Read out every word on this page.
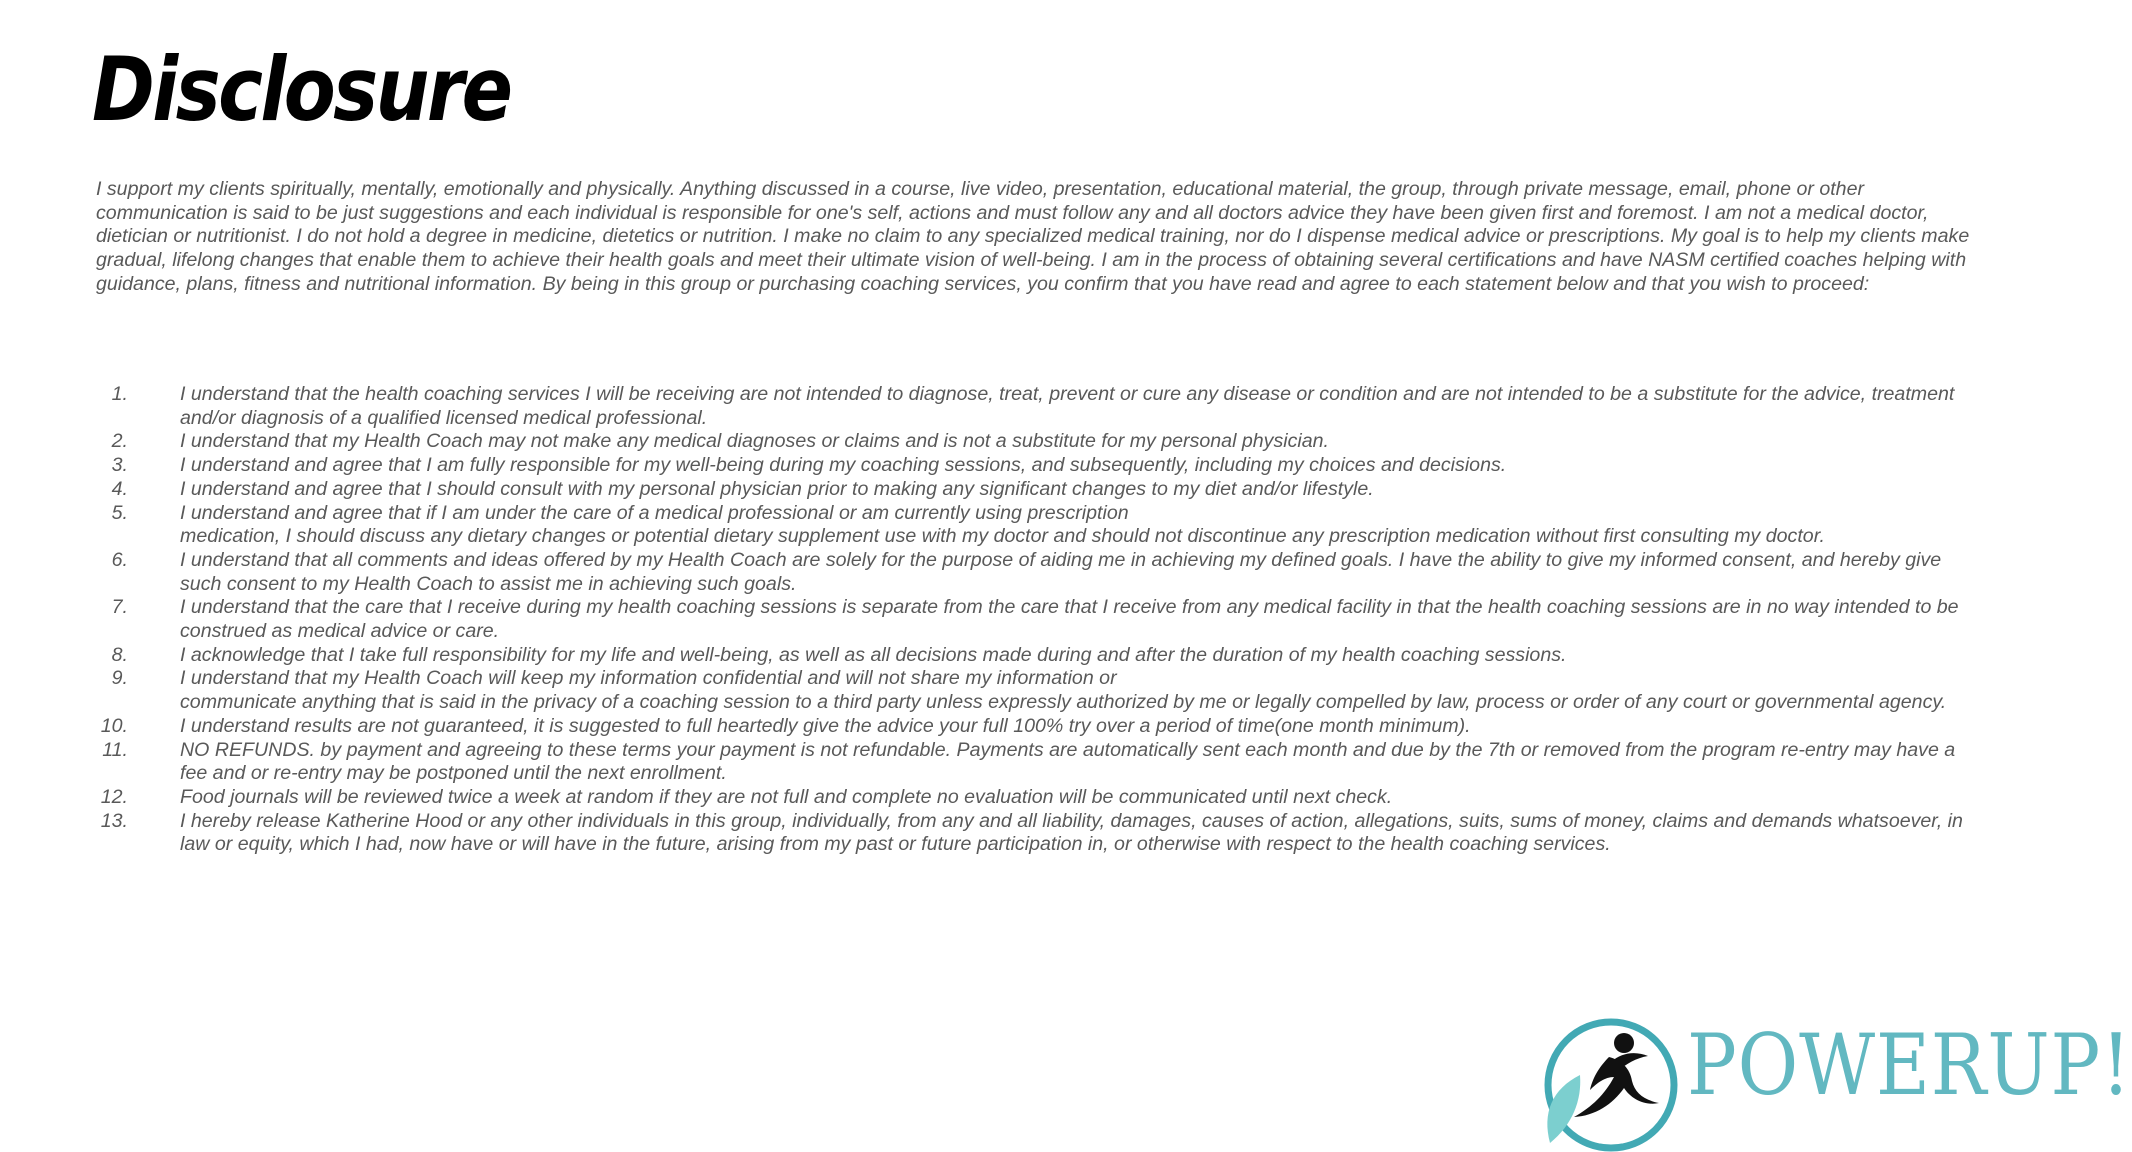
Disclosure

I support my clients spiritually, mentally, emotionally and physically. Anything discussed in a course, live video, presentation, educational material, the group, through private message, email, phone or other communication is said to be just suggestions and each individual is responsible for one's self, actions and must follow any and all doctors advice they have been given first and foremost. I am not a medical doctor, dietician or nutritionist. I do not hold a degree in medicine, dietetics or nutrition. I make no claim to any specialized medical training, nor do I dispense medical advice or prescriptions. My goal is to help my clients make gradual, lifelong changes that enable them to achieve their health goals and meet their ultimate vision of well-being. I am in the process of obtaining several certifications and have NASM certified coaches helping with guidance, plans, fitness and nutritional information. By being in this group or purchasing coaching services, you confirm that you have read and agree to each statement below and that you wish to proceed:

1.	I understand that the health coaching services I will be receiving are not intended to diagnose, treat, prevent or cure any disease or condition and are not intended to be a substitute for the advice, treatment and/or diagnosis of a qualified licensed medical professional.
2.	I understand that my Health Coach may not make any medical diagnoses or claims and is not a substitute for my personal physician.
3.	I understand and agree that I am fully responsible for my well-being during my coaching sessions, and subsequently, including my choices and decisions.
4.	I understand and agree that I should consult with my personal physician prior to making any significant changes to my diet and/or lifestyle.
5.	I understand and agree that if I am under the care of a medical professional or am currently using prescription
medication, I should discuss any dietary changes or potential dietary supplement use with my doctor and should not discontinue any prescription medication without first consulting my doctor.
6.	I understand that all comments and ideas offered by my Health Coach are solely for the purpose of aiding me in achieving my defined goals. I have the ability to give my informed consent, and hereby give such consent to my Health Coach to assist me in achieving such goals.
7.	I understand that the care that I receive during my health coaching sessions is separate from the care that I receive from any medical facility in that the health coaching sessions are in no way intended to be construed as medical advice or care.
8.	I acknowledge that I take full responsibility for my life and well-being, as well as all decisions made during and after the duration of my health coaching sessions.
9.	I understand that my Health Coach will keep my information confidential and will not share my information or
communicate anything that is said in the privacy of a coaching session to a third party unless expressly authorized by me or legally compelled by law, process or order of any court or governmental agency.
10.	I understand results are not guaranteed, it is suggested to full heartedly give the advice your full 100% try over a period of time(one month minimum).
11.	NO REFUNDS. by payment and agreeing to these terms your payment is not refundable. Payments are automatically sent each month and due by the 7th or removed from the program re-entry may have a fee and or re-entry may be postponed until the next enrollment.
12.	Food journals will be reviewed twice a week at random if they are not full and complete no evaluation will be communicated until next check.
13.	I hereby release Katherine Hood or any other individuals in this group, individually, from any and all liability, damages, causes of action, allegations, suits, sums of money, claims and demands whatsoever, in law or equity, which I had, now have or will have in the future, arising from my past or future participation in, or otherwise with respect to the health coaching services.
POWERUP!
